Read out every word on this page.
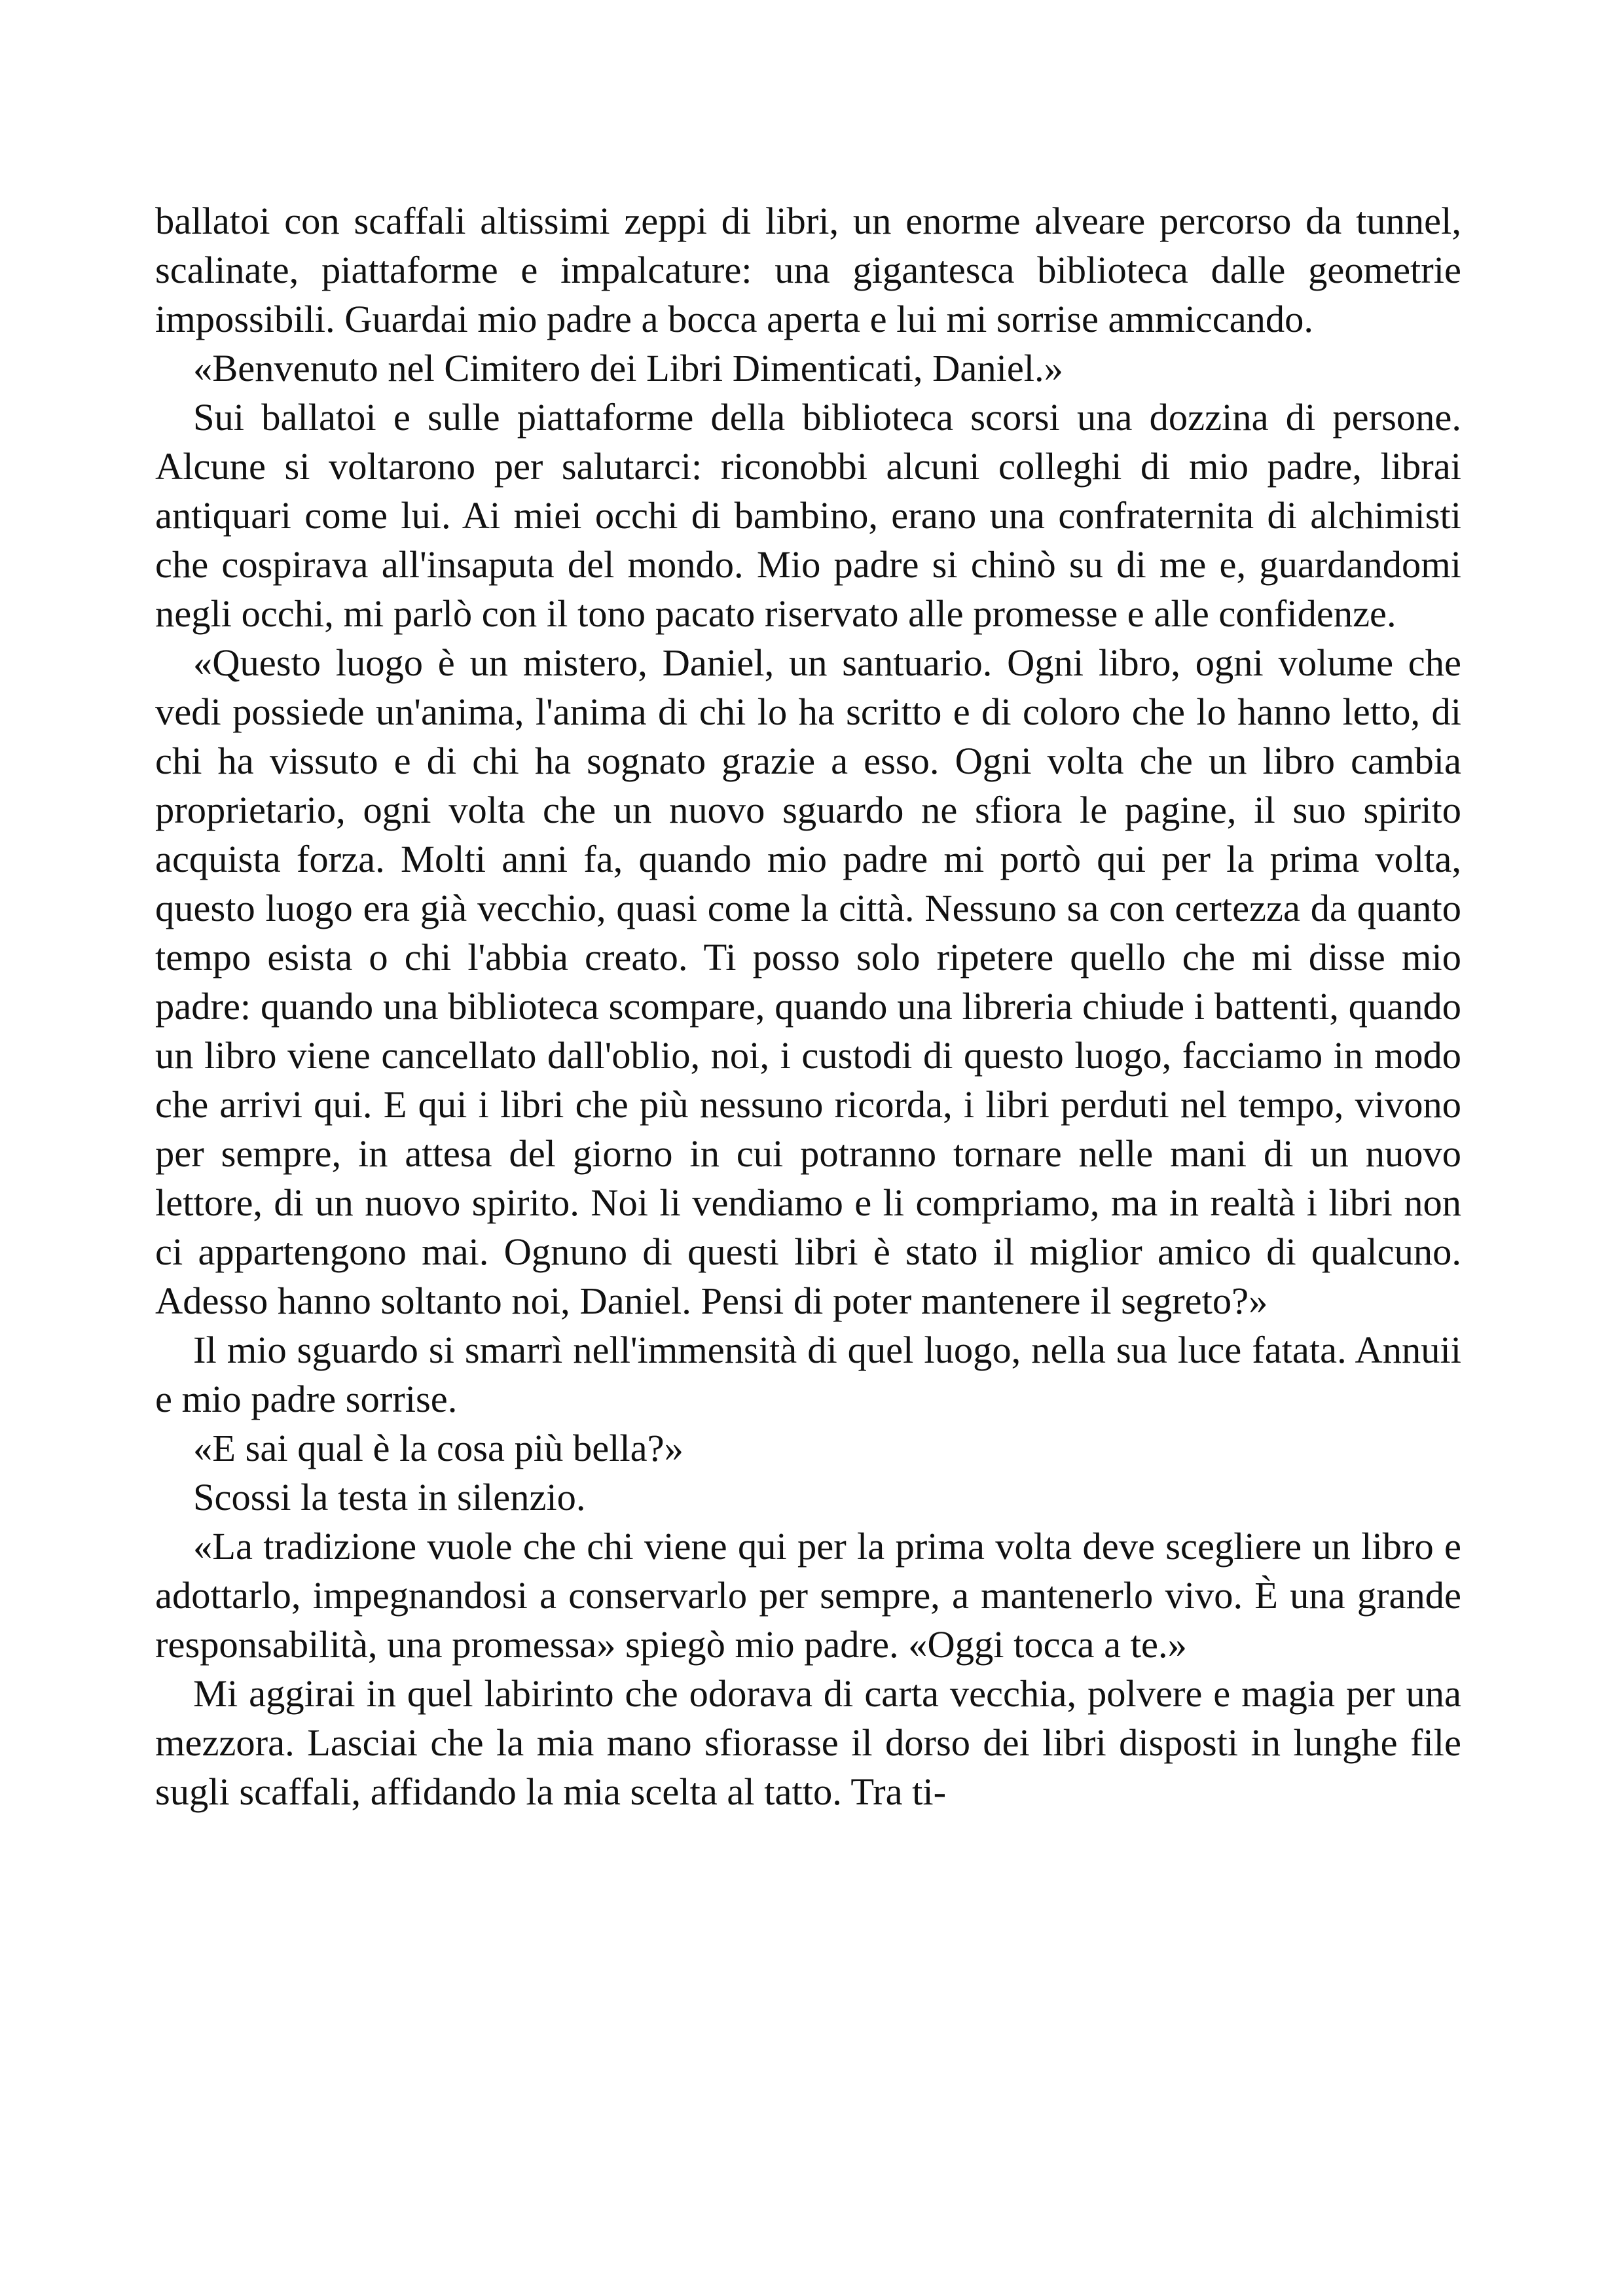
ballatoi con scaffali altissimi zeppi di libri, un enorme alveare percorso da tunnel, scalinate, piattaforme e impalcature: una gigantesca biblioteca dalle geometrie impossibili. Guardai mio padre a bocca aperta e lui mi sorrise ammiccando.

«Benvenuto nel Cimitero dei Libri Dimenticati, Daniel.»

Sui ballatoi e sulle piattaforme della biblioteca scorsi una dozzina di persone. Alcune si voltarono per salutarci: riconobbi alcuni colleghi di mio padre, librai antiquari come lui. Ai miei occhi di bambino, erano una confraternita di alchimisti che cospirava all'insaputa del mondo. Mio padre si chinò su di me e, guardandomi negli occhi, mi parlò con il tono pacato riservato alle promesse e alle confidenze.

«Questo luogo è un mistero, Daniel, un santuario. Ogni libro, ogni volume che vedi possiede un'anima, l'anima di chi lo ha scritto e di coloro che lo hanno letto, di chi ha vissuto e di chi ha sognato grazie a esso. Ogni volta che un libro cambia proprietario, ogni volta che un nuovo sguardo ne sfiora le pagine, il suo spirito acquista forza. Molti anni fa, quando mio padre mi portò qui per la prima volta, questo luogo era già vecchio, quasi come la città. Nessuno sa con certezza da quanto tempo esista o chi l'abbia creato. Ti posso solo ripetere quello che mi disse mio padre: quando una biblioteca scompare, quando una libreria chiude i battenti, quando un libro viene cancellato dall'oblio, noi, i custodi di questo luogo, facciamo in modo che arrivi qui. E qui i libri che più nessuno ricorda, i libri perduti nel tempo, vivono per sempre, in attesa del giorno in cui potranno tornare nelle mani di un nuovo lettore, di un nuovo spirito. Noi li vendiamo e li compriamo, ma in realtà i libri non ci appartengono mai. Ognuno di questi libri è stato il miglior amico di qualcuno. Adesso hanno soltanto noi, Daniel. Pensi di poter mantenere il segreto?»

Il mio sguardo si smarrì nell'immensità di quel luogo, nella sua luce fatata. Annuii e mio padre sorrise.

«E sai qual è la cosa più bella?»

Scossi la testa in silenzio.

«La tradizione vuole che chi viene qui per la prima volta deve scegliere un libro e adottarlo, impegnandosi a conservarlo per sempre, a mantenerlo vivo. È una grande responsabilità, una promessa» spiegò mio padre. «Oggi tocca a te.»

Mi aggirai in quel labirinto che odorava di carta vecchia, polvere e magia per una mezzora. Lasciai che la mia mano sfiorasse il dorso dei libri disposti in lunghe file sugli scaffali, affidando la mia scelta al tatto. Tra ti-
